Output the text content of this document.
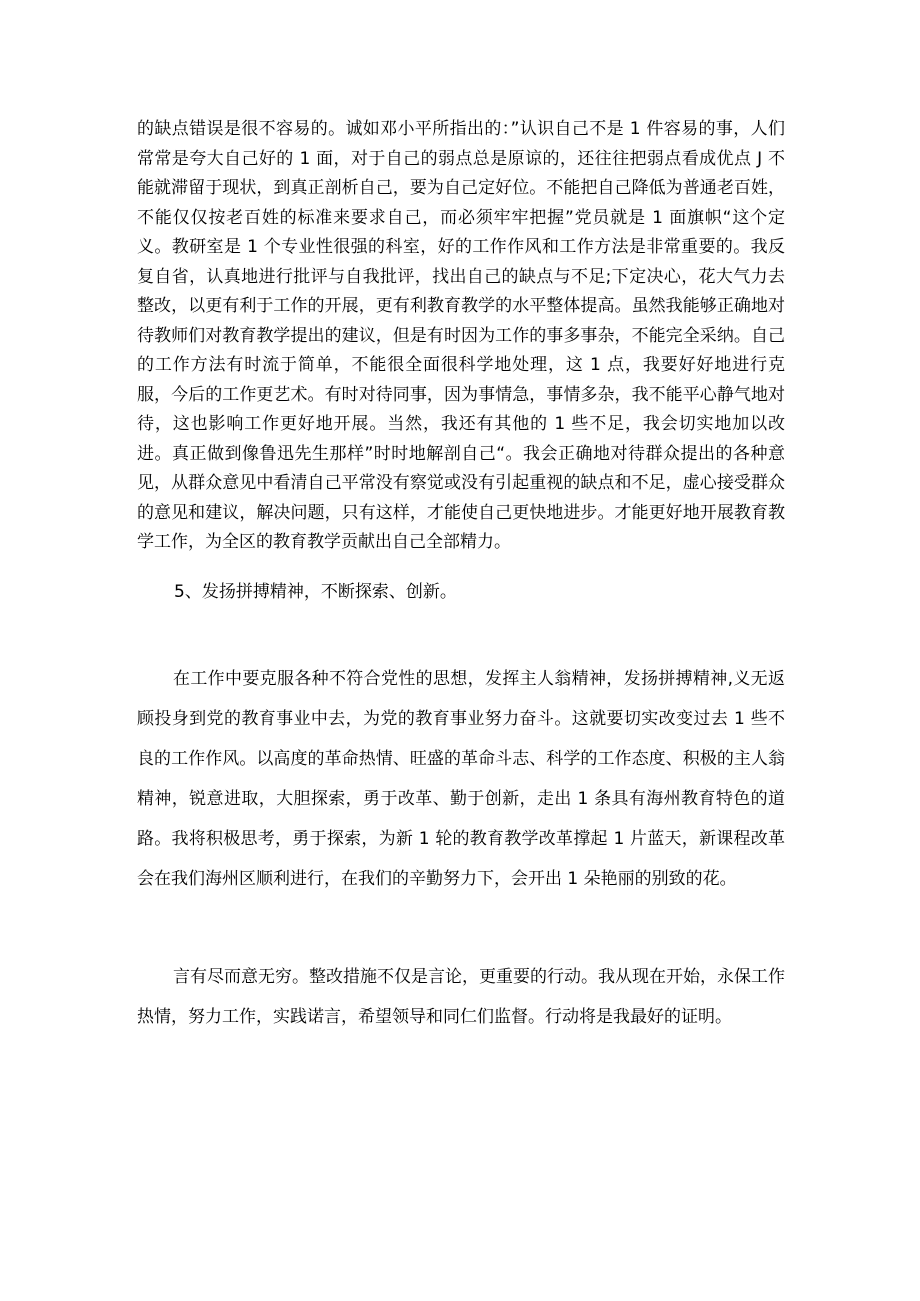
的缺点错误是很不容易的。诚如邓小平所指出的：”认识自己不是 1 件容易的事，人们常常是夸大自己好的 1 面，对于自己的弱点总是原谅的，还往往把弱点看成优点 J 不能就滞留于现状，到真正剖析自己，要为自己定好位。不能把自己降低为普通老百姓，不能仅仅按老百姓的标准来要求自己，而必须牢牢把握”党员就是 1 面旗帜“这个定义。教研室是 1 个专业性很强的科室，好的工作作风和工作方法是非常重要的。我反复自省，认真地进行批评与自我批评，找出自己的缺点与不足;下定决心，花大气力去整改，以更有利于工作的开展，更有利教育教学的水平整体提高。虽然我能够正确地对待教师们对教育教学提出的建议，但是有时因为工作的事多事杂，不能完全采纳。自己的工作方法有时流于简单，不能很全面很科学地处理，这 1 点，我要好好地进行克服，今后的工作更艺术。有时对待同事，因为事情急，事情多杂，我不能平心静气地对待，这也影响工作更好地开展。当然，我还有其他的 1 些不足，我会切实地加以改进。真正做到像鲁迅先生那样”时时地解剖自己“。我会正确地对待群众提出的各种意见，从群众意见中看清自己平常没有察觉或没有引起重视的缺点和不足，虚心接受群众的意见和建议，解决问题，只有这样，才能使自己更快地进步。才能更好地开展教育教学工作，为全区的教育教学贡献出自己全部精力。

5、发扬拼搏精神，不断探索、创新。

在工作中要克服各种不符合党性的思想，发挥主人翁精神，发扬拼搏精神,义无返顾投身到党的教育事业中去，为党的教育事业努力奋斗。这就要切实改变过去 1 些不良的工作作风。以高度的革命热情、旺盛的革命斗志、科学的工作态度、积极的主人翁精神，锐意进取，大胆探索，勇于改革、勤于创新，走出 1 条具有海州教育特色的道路。我将积极思考，勇于探索，为新 1 轮的教育教学改革撑起 1 片蓝天，新课程改革会在我们海州区顺利进行，在我们的辛勤努力下，会开出 1 朵艳丽的别致的花。

言有尽而意无穷。整改措施不仅是言论，更重要的行动。我从现在开始，永保工作热情，努力工作，实践诺言，希望领导和同仁们监督。行动将是我最好的证明。
